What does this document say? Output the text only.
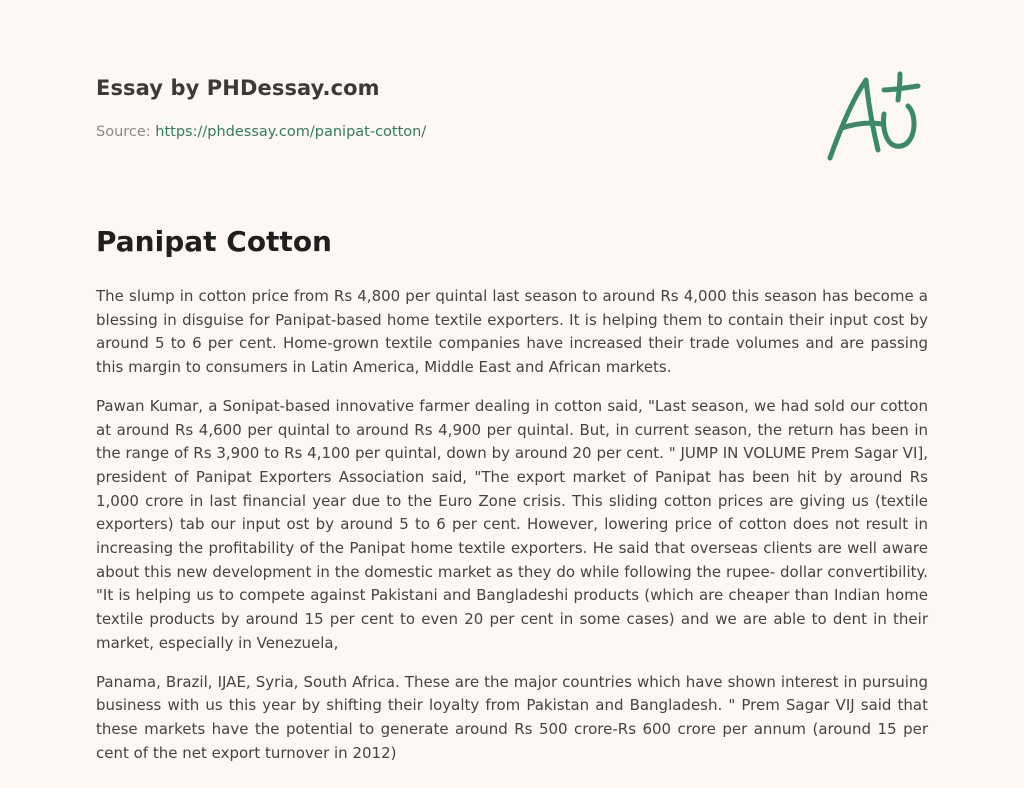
Essay by PHDessay.com
Source: https://phdessay.com/panipat-cotton/
Panipat Cotton

The slump in cotton price from Rs 4,800 per quintal last season to around Rs 4,000 this season has become a blessing in disguise for Panipat-based home textile exporters. It is helping them to contain their input cost by around 5 to 6 per cent. Home-grown textile companies have increased their trade volumes and are passing this margin to consumers in Latin America, Middle East and African markets.

Pawan Kumar, a Sonipat-based innovative farmer dealing in cotton said, "Last season, we had sold our cotton at around Rs 4,600 per quintal to around Rs 4,900 per quintal. But, in current season, the return has been in the range of Rs 3,900 to Rs 4,100 per quintal, down by around 20 per cent. " JUMP IN VOLUME Prem Sagar VI], president of Panipat Exporters Association said, "The export market of Panipat has been hit by around Rs 1,000 crore in last financial year due to the Euro Zone crisis. This sliding cotton prices are giving us (textile exporters) tab our input ost by around 5 to 6 per cent. However, lowering price of cotton does not result in increasing the profitability of the Panipat home textile exporters. He said that overseas clients are well aware about this new development in the domestic market as they do while following the rupee- dollar convertibility. "It is helping us to compete against Pakistani and Bangladeshi products (which are cheaper than Indian home textile products by around 15 per cent to even 20 per cent in some cases) and we are able to dent in their market, especially in Venezuela,

Panama, Brazil, IJAE, Syria, South Africa. These are the major countries which have shown interest in pursuing business with us this year by shifting their loyalty from Pakistan and Bangladesh. " Prem Sagar VIJ said that these markets have the potential to generate around Rs 500 crore-Rs 600 crore per annum (around 15 per cent of the net export turnover in 2012)
